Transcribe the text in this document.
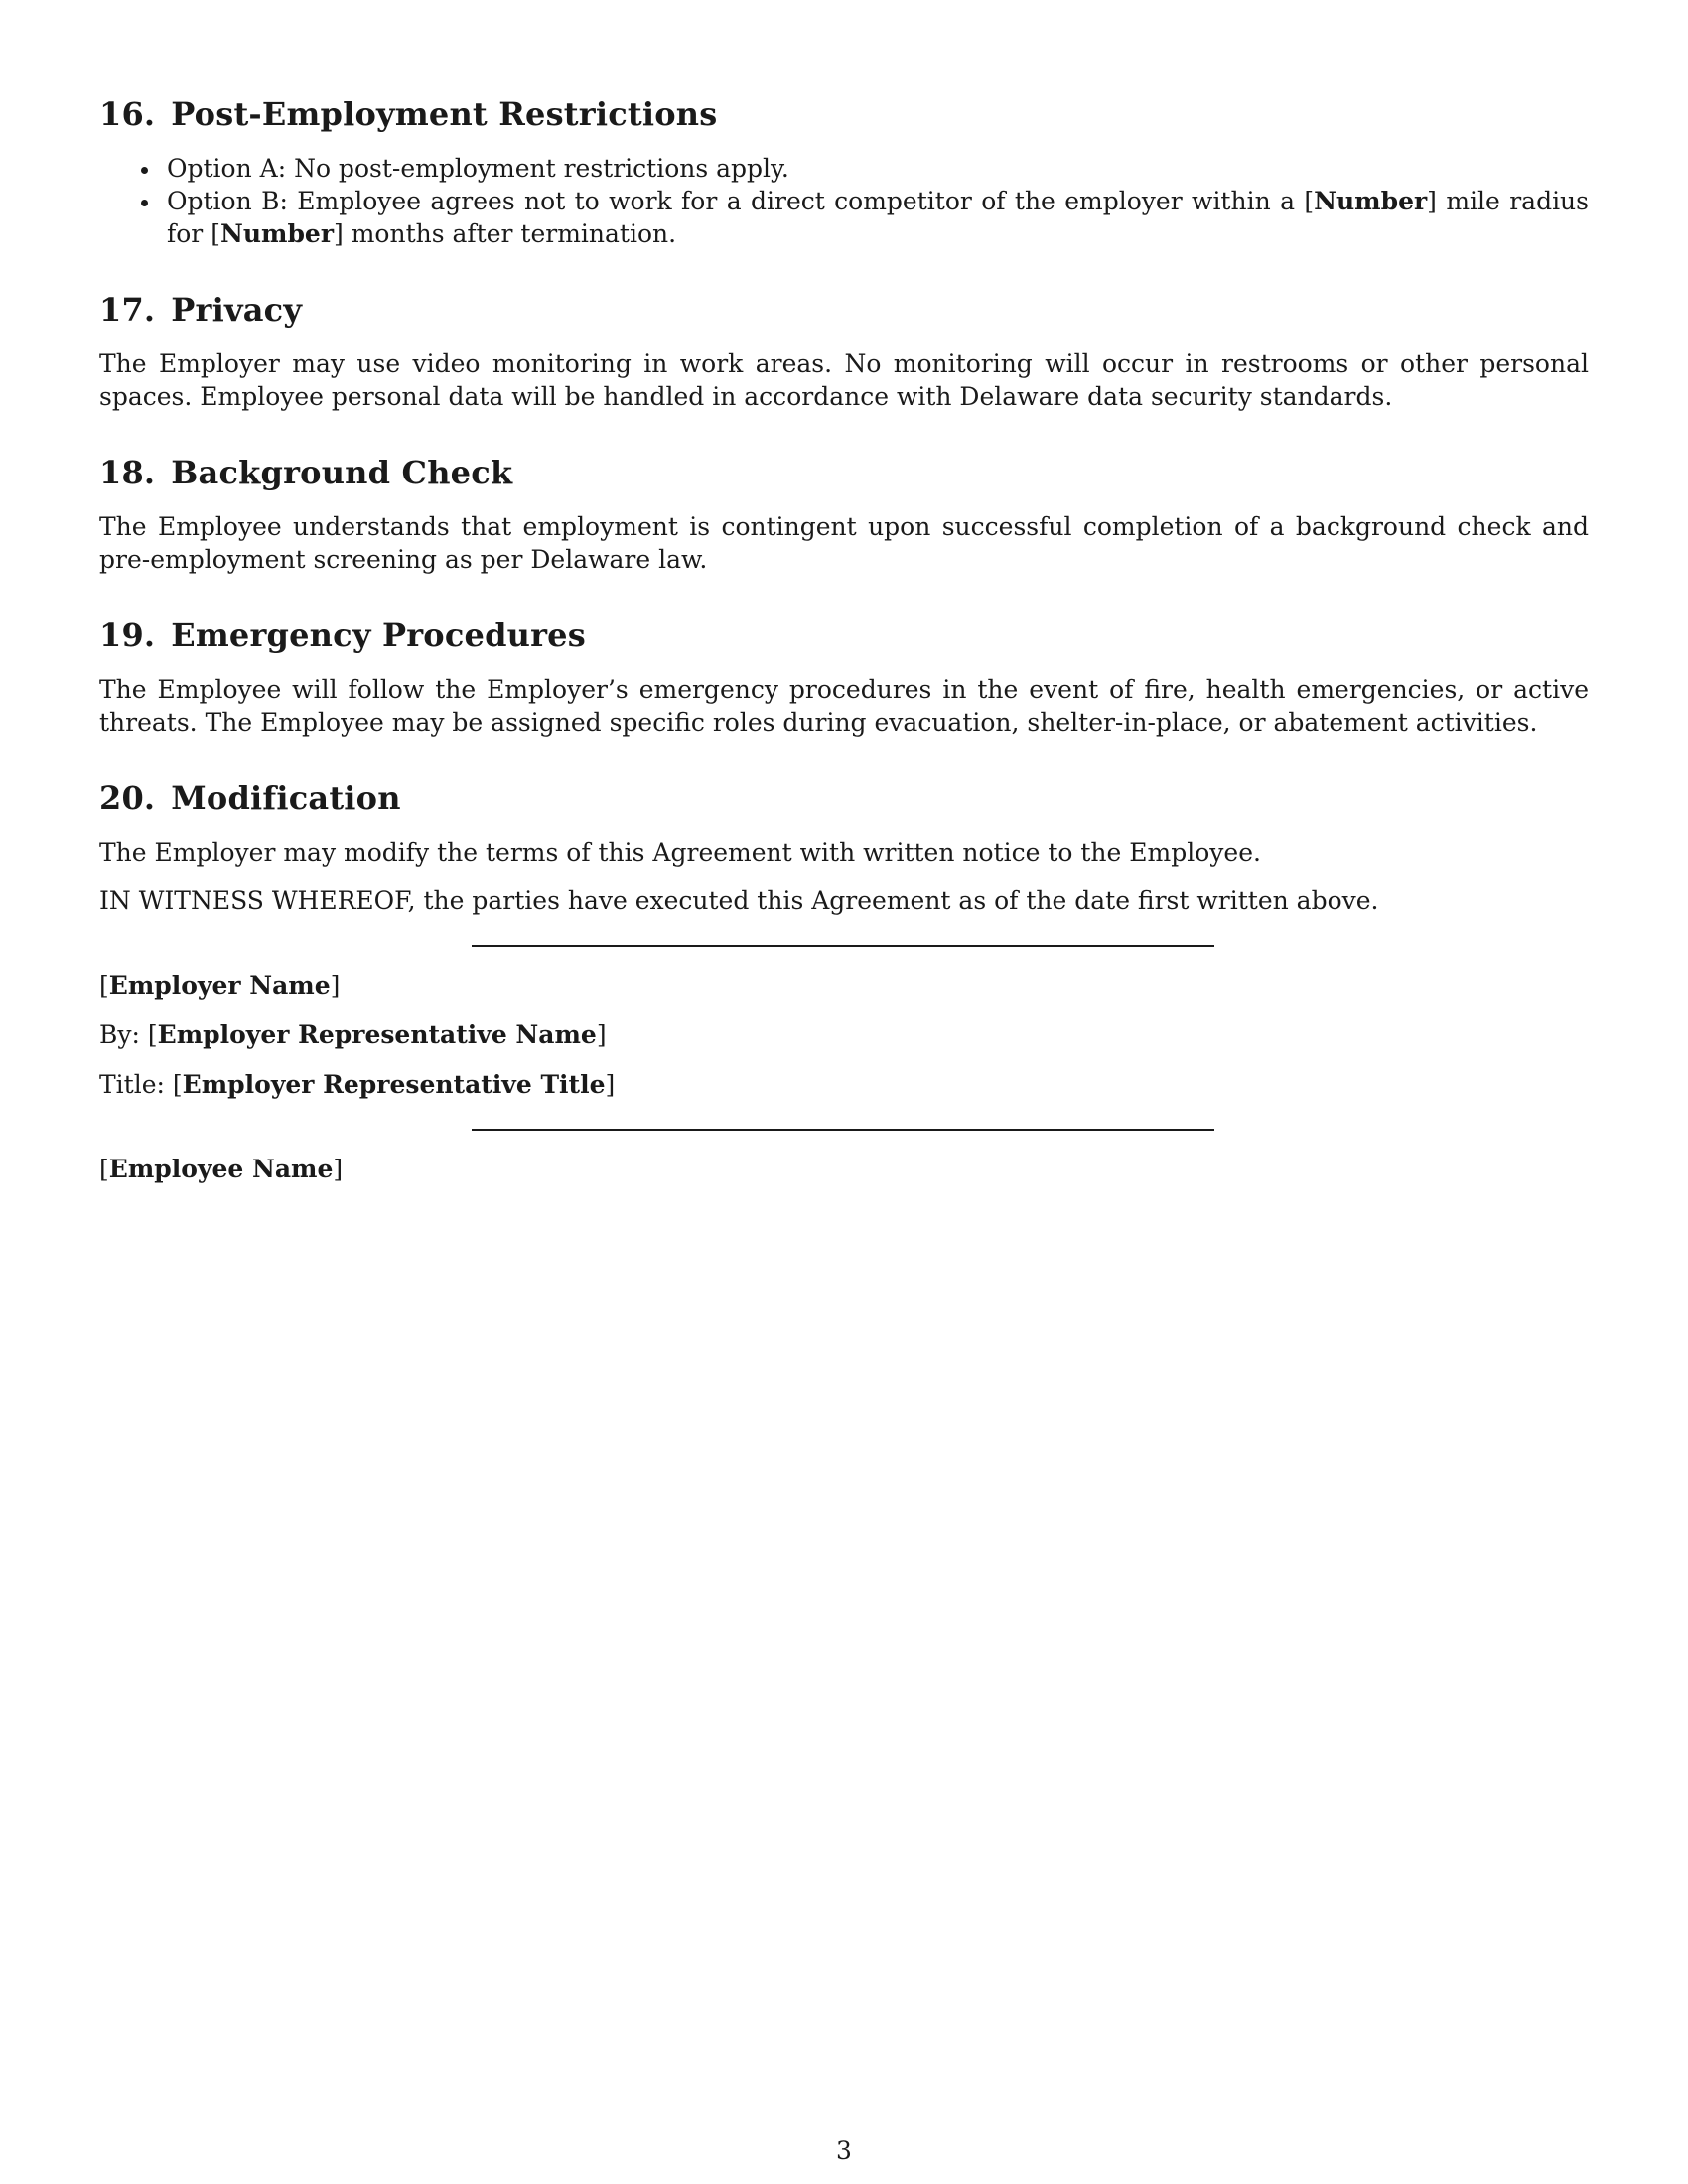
16. Post-Employment Restrictions
Option A: No post-employment restrictions apply.
Option B: Employee agrees not to work for a direct competitor of the employer within a [Number] mile radius for [Number] months after termination.
17. Privacy

The Employer may use video monitoring in work areas. No monitoring will occur in restrooms or other personal spaces. Employee personal data will be handled in accordance with Delaware data security standards.

18. Background Check

The Employee understands that employment is contingent upon successful completion of a background check and pre-employment screening as per Delaware law.

19. Emergency Procedures

The Employee will follow the Employer’s emergency procedures in the event of fire, health emergencies, or active threats. The Employee may be assigned specific roles during evacuation, shelter-in-place, or abatement activities.

20. Modification

The Employer may modify the terms of this Agreement with written notice to the Employee.

IN WITNESS WHEREOF, the parties have executed this Agreement as of the date first written above.

[Employer Name]

By: [Employer Representative Name]

Title: [Employer Representative Title]

[Employee Name]

3
